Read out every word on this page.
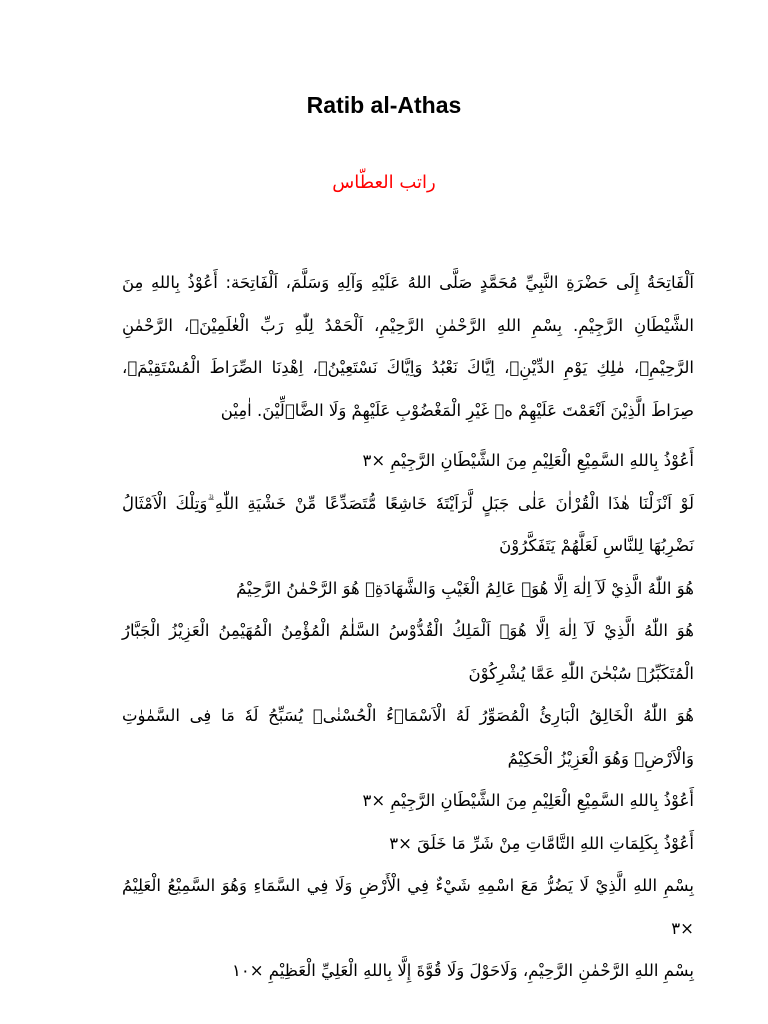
Ratib al-Athas
راتب العطّاس

اَلْفَاتِحَةُ إِلَى حَضْرَةِ النَّبِيِّ مُحَمَّدٍ صَلَّى اللهُ عَلَيْهِ وَآلِهِ وَسَلَّمَ، اَلْفَاتِحَة: أَعُوْذُ بِاللهِ مِنَ الشَّيْطَانِ الرَّجِيْمِ. بِسْمِ اللهِ الرَّحْمٰنِ الرَّحِيْمِ، اَلْحَمْدُ لِلّٰهِ رَبِّ الْعٰلَمِيْنَۙ، الرَّحْمٰنِ الرَّحِيْمِۙ، مٰلِكِ يَوْمِ الدِّيْنِۗ، اِيَّاكَ نَعْبُدُ وَاِيَّاكَ نَسْتَعِيْنُۗ، اِهْدِنَا الصِّرَاطَ الْمُسْتَقِيْمَۙ، صِرَاطَ الَّذِيْنَ اَنْعَمْتَ عَلَيْهِمْ ەۙ غَيْرِ الْمَغْضُوْبِ عَلَيْهِمْ وَلَا الضَّاۤلِّيْنَ. اٰمِيْن

أَعُوْذُ بِاللهِ السَّمِيْعِ الْعَلِيْمِ مِنَ الشَّيْطَانِ الرَّجِيْمِ ×٣

لَوْ اَنْزَلْنَا هٰذَا الْقُرْاٰنَ عَلٰى جَبَلٍ لَّرَاَيْتَهٗ خَاشِعًا مُّتَصَدِّعًا مِّنْ خَشْيَةِ اللّٰهِ ۗوَتِلْكَ الْاَمْثَالُ نَضْرِبُهَا لِلنَّاسِ لَعَلَّهُمْ يَتَفَكَّرُوْنَ

هُوَ اللّٰهُ الَّذِيْ لَآ اِلٰهَ اِلَّا هُوَۚ عَالِمُ الْغَيْبِ وَالشَّهَادَةِۚ هُوَ الرَّحْمٰنُ الرَّحِيْمُ

هُوَ اللّٰهُ الَّذِيْ لَآ اِلٰهَ اِلَّا هُوَۚ اَلْمَلِكُ الْقُدُّوْسُ السَّلٰمُ الْمُؤْمِنُ الْمُهَيْمِنُ الْعَزِيْزُ الْجَبَّارُ الْمُتَكَبِّرُۗ سُبْحٰنَ اللّٰهِ عَمَّا يُشْرِكُوْنَ

هُوَ اللّٰهُ الْخَالِقُ الْبَارِئُ الْمُصَوِّرُ لَهُ الْاَسْمَاۤءُ الْحُسْنٰىۗ يُسَبِّحُ لَهٗ مَا فِى السَّمٰوٰتِ وَالْاَرْضِۚ وَهُوَ الْعَزِيْزُ الْحَكِيْمُ

أَعُوْذُ بِاللهِ السَّمِيْعِ الْعَلِيْمِ مِنَ الشَّيْطَانِ الرَّجِيْمِ ×٣

أَعُوْذُ بِكَلِمَاتِ اللهِ التَّامَّاتِ مِنْ شَرِّ مَا خَلَقَ ×٣

بِسْمِ اللهِ الَّذِيْ لَا يَضُرُّ مَعَ اسْمِهِ شَيْءٌ فِي الْأَرْضِ وَلَا فِي السَّمَاءِ وَهُوَ السَّمِيْعُ الْعَلِيْمُ ×٣

بِسْمِ اللهِ الرَّحْمٰنِ الرَّحِيْمِ، وَلَاحَوْلَ وَلَا قُوَّةَ إِلَّا بِاللهِ الْعَلِيِّ الْعَظِيْمِ ×١٠
